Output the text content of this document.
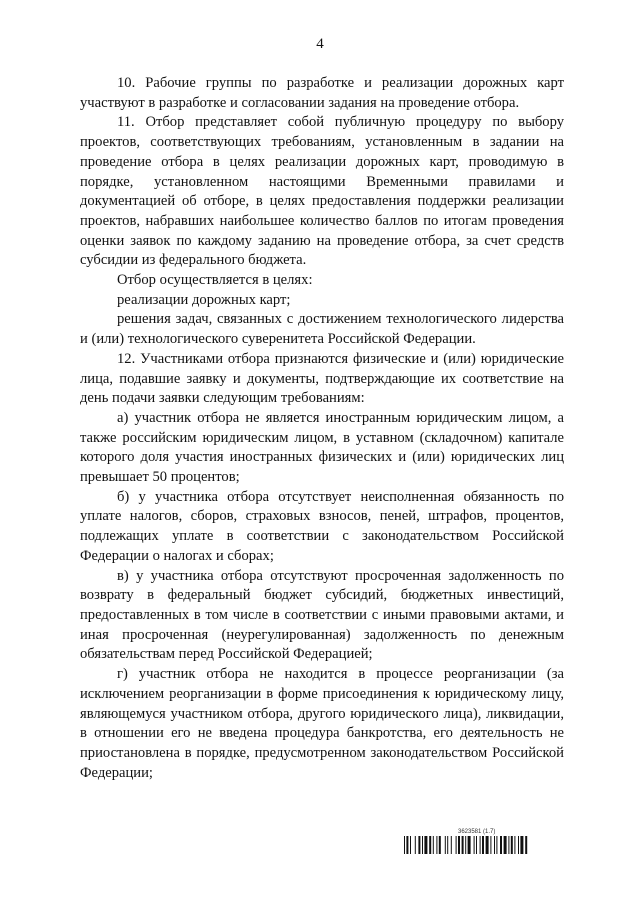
4

10. Рабочие группы по разработке и реализации дорожных карт участвуют в разработке и согласовании задания на проведение отбора.

11. Отбор представляет собой публичную процедуру по выбору проектов, соответствующих требованиям, установленным в задании на проведение отбора в целях реализации дорожных карт, проводимую в порядке, установленном настоящими Временными правилами и документацией об отборе, в целях предоставления поддержки реализации проектов, набравших наибольшее количество баллов по итогам проведения оценки заявок по каждому заданию на проведение отбора, за счет средств субсидии из федерального бюджета.

Отбор осуществляется в целях:

реализации дорожных карт;

решения задач, связанных с достижением технологического лидерства и (или) технологического суверенитета Российской Федерации.

12. Участниками отбора признаются физические и (или) юридические лица, подавшие заявку и документы, подтверждающие их соответствие на день подачи заявки следующим требованиям:

а) участник отбора не является иностранным юридическим лицом, а также российским юридическим лицом, в уставном (складочном) капитале которого доля участия иностранных физических и (или) юридических лиц превышает 50 процентов;

б) у участника отбора отсутствует неисполненная обязанность по уплате налогов, сборов, страховых взносов, пеней, штрафов, процентов, подлежащих уплате в соответствии с законодательством Российской Федерации о налогах и сборах;

в) у участника отбора отсутствуют просроченная задолженность по возврату в федеральный бюджет субсидий, бюджетных инвестиций, предоставленных в том числе в соответствии с иными правовыми актами, и иная просроченная (неурегулированная) задолженность по денежным обязательствам перед Российской Федерацией;

г) участник отбора не находится в процессе реорганизации (за исключением реорганизации в форме присоединения к юридическому лицу, являющемуся участником отбора, другого юридического лица), ликвидации, в отношении его не введена процедура банкротства, его деятельность не приостановлена в порядке, предусмотренном законодательством Российской Федерации;

3623581 (1.7)
